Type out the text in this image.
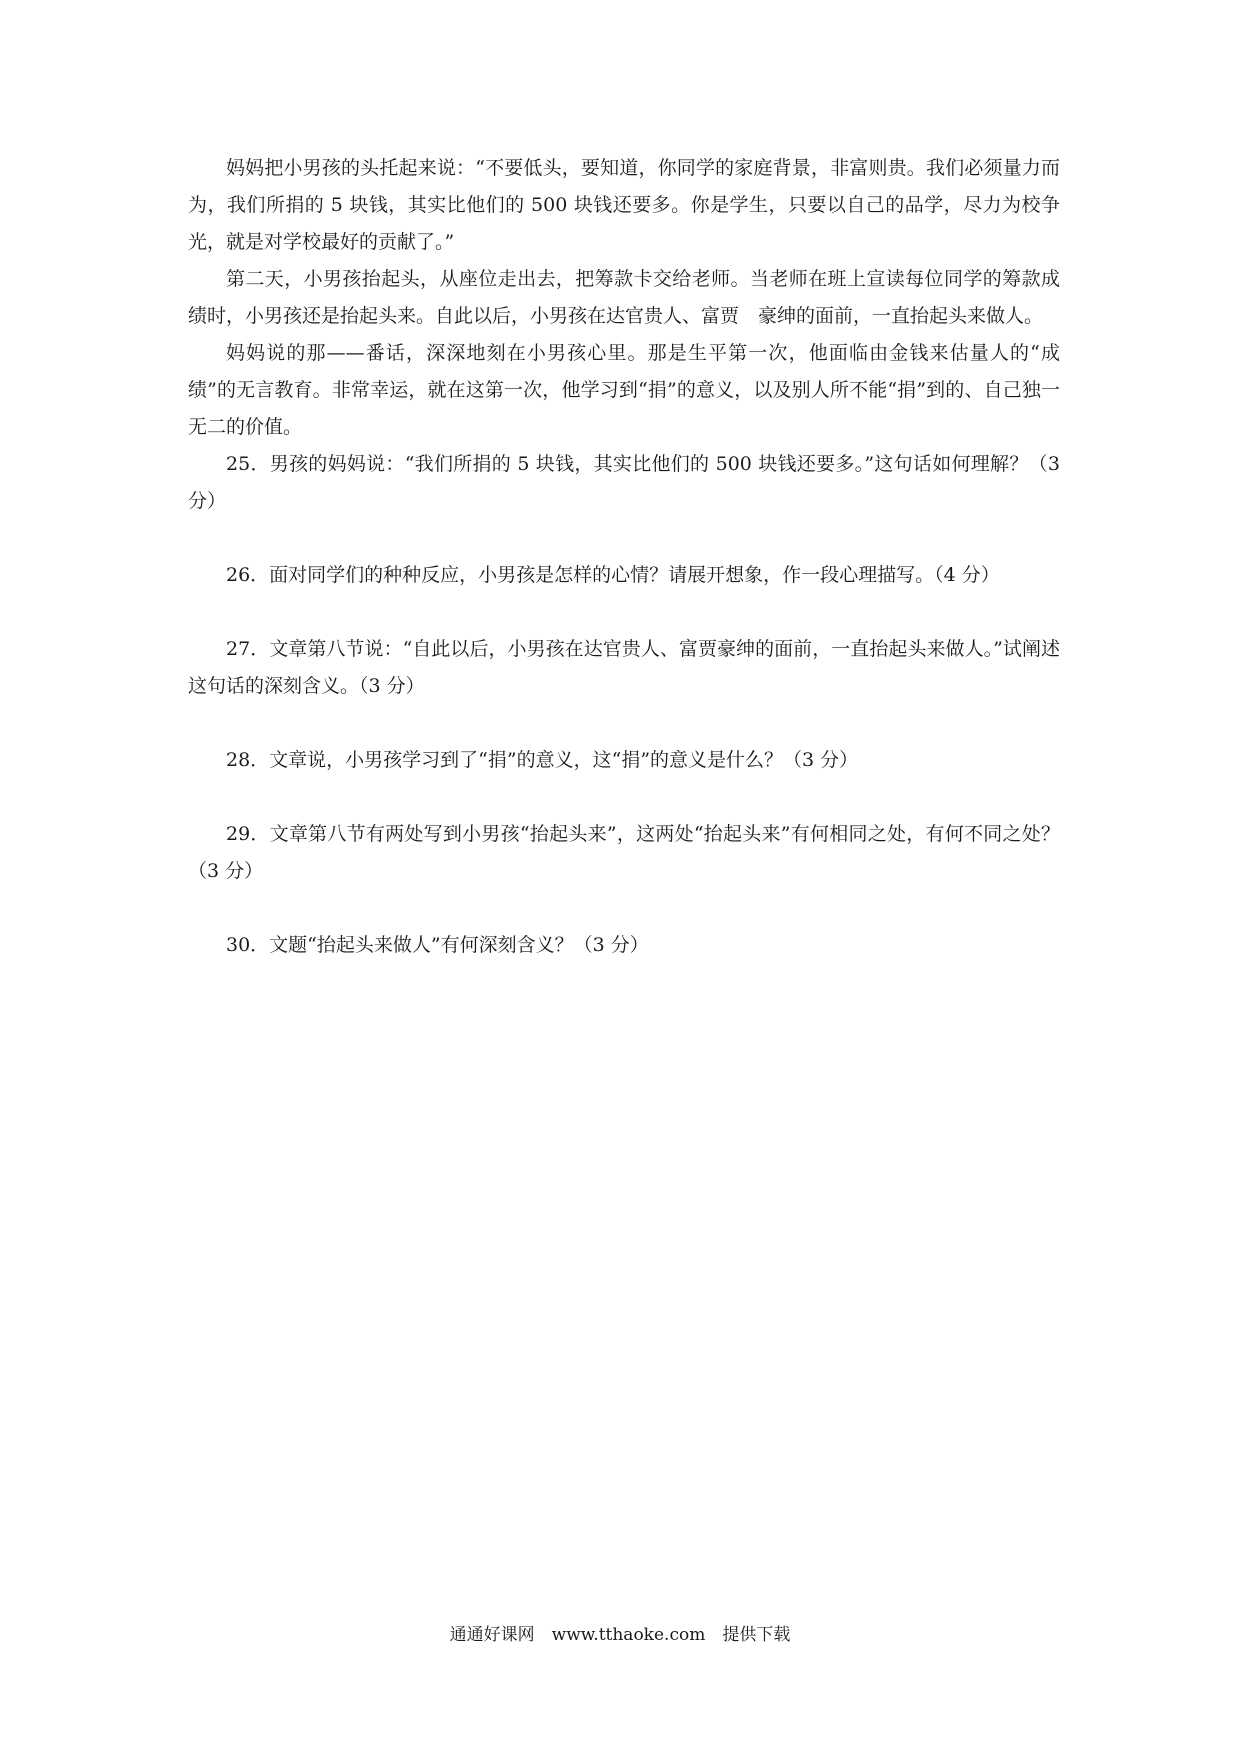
妈妈把小男孩的头托起来说：“不要低头，要知道，你同学的家庭背景，非富则贵。我们必须量力而为，我们所捐的 5 块钱，其实比他们的 500 块钱还要多。你是学生，只要以自己的品学，尽力为校争光，就是对学校最好的贡献了。”

第二天，小男孩抬起头，从座位走出去，把筹款卡交给老师。当老师在班上宣读每位同学的筹款成绩时，小男孩还是抬起头来。自此以后，小男孩在达官贵人、富贾　豪绅的面前，一直抬起头来做人。

妈妈说的那——番话，深深地刻在小男孩心里。那是生平第一次，他面临由金钱来估量人的“成绩”的无言教育。非常幸运，就在这第一次，他学习到“捐”的意义，以及别人所不能“捐”到的、自己独一无二的价值。

25．男孩的妈妈说：“我们所捐的 5 块钱，其实比他们的 500 块钱还要多。”这句话如何理解？（3 分）

26．面对同学们的种种反应，小男孩是怎样的心情？请展开想象，作一段心理描写。（4 分）

27．文章第八节说：“自此以后，小男孩在达官贵人、富贾豪绅的面前，一直抬起头来做人。”试阐述这句话的深刻含义。（3 分）

28．文章说，小男孩学习到了“捐”的意义，这“捐”的意义是什么？（3 分）

29．文章第八节有两处写到小男孩“抬起头来”，这两处“抬起头来”有何相同之处，有何不同之处？（3 分）

30．文题“抬起头来做人”有何深刻含义？（3 分）

通通好课网　www.tthaoke.com　提供下载
